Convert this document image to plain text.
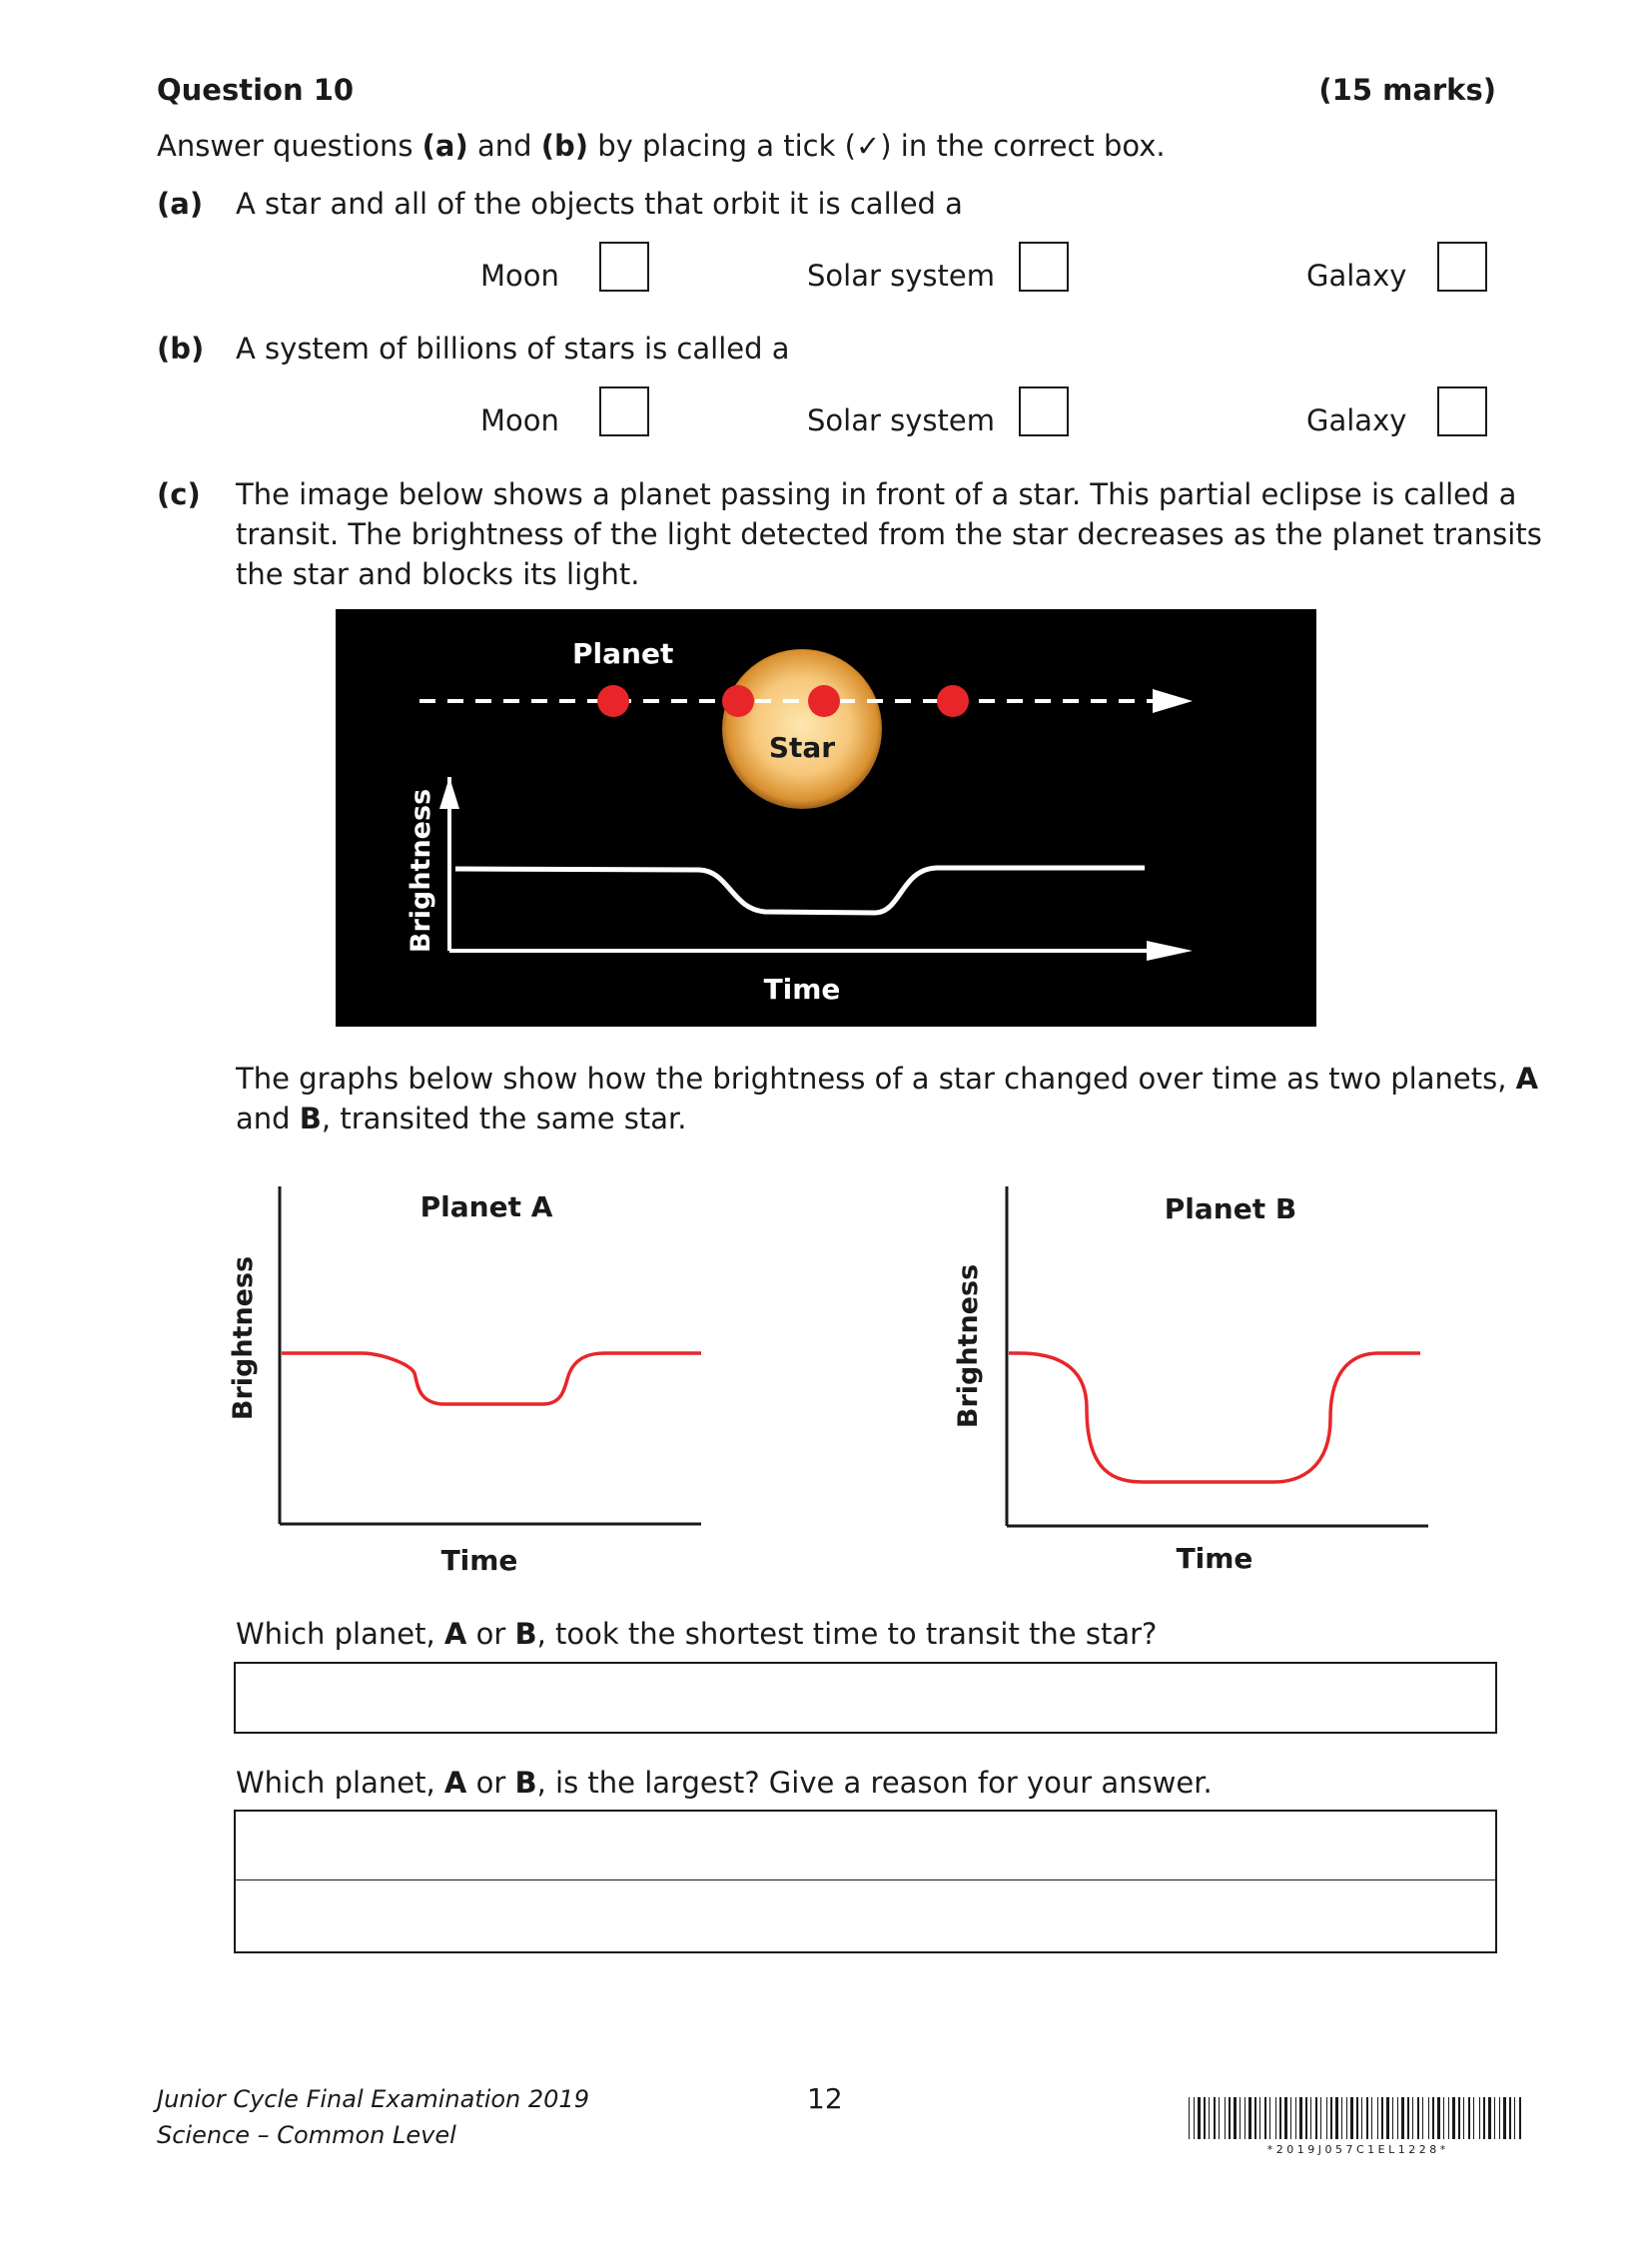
Question 10	(15 marks)
Answer questions (a) and (b) by placing a tick (✓) in the correct box.
(a) A star and all of the objects that orbit it is called a
Moon	Solar system	Galaxy
(b) A system of billions of stars is called a
Moon	Solar system	Galaxy
(c) The image below shows a planet passing in front of a star. This partial eclipse is called a
transit. The brightness of the light detected from the star decreases as the planet transits
the star and blocks its light.
Planet
Star
Brightness
Time
The graphs below show how the brightness of a star changed over time as two planets, A
and B, transited the same star.
Planet A
Brightness
Time
Planet B
Brightness
Time
Which planet, A or B, took the shortest time to transit the star?
Which planet, A or B, is the largest? Give a reason for your answer.
Junior Cycle Final Examination 2019
Science – Common Level
12
* 2 0 1 9 J 0 5 7 C 1 E L 1 2 2 8 *
